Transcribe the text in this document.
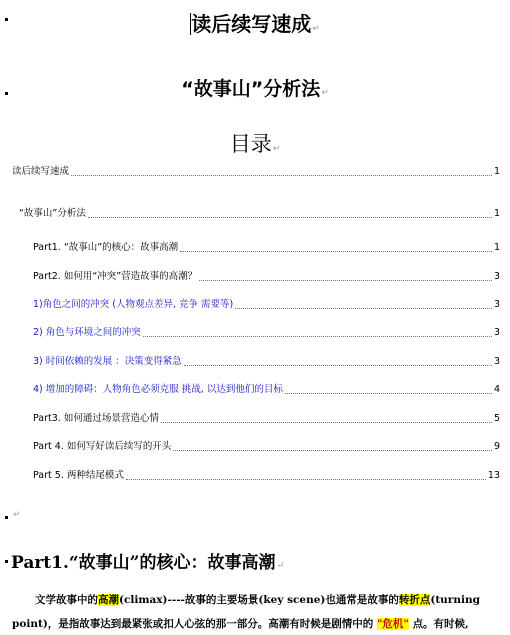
读后续写速成↵
“故事山”分析法↵
目录↵
读后续写速成	1
“故事山”分析法	1
Part1. “故事山”的核心：故事高潮	1
Part2. 如何用“冲突”营造故事的高潮？	3
1)角色之间的冲突 (人物观点差异, 竞争 需要等)	3
2) 角色与环境之间的冲突	3
3) 时间依赖的发展 ：决策变得紧急	3
4) 增加的障碍：人物角色必须克服 挑战, 以达到他们的目标	4
Part3. 如何通过场景营造心情	5
Part 4. 如何写好读后续写的开头	9
Part 5. 两种结尾模式	13
↵
Part1.“故事山”的核心：故事高潮↵
文学故事中的高潮(climax)----故事的主要场景(key scene)也通常是故事的转折点(turning
point)，是指故事达到最紧张或扣人心弦的那一部分。高潮有时候是剧情中的 "危机" 点。有时候,
